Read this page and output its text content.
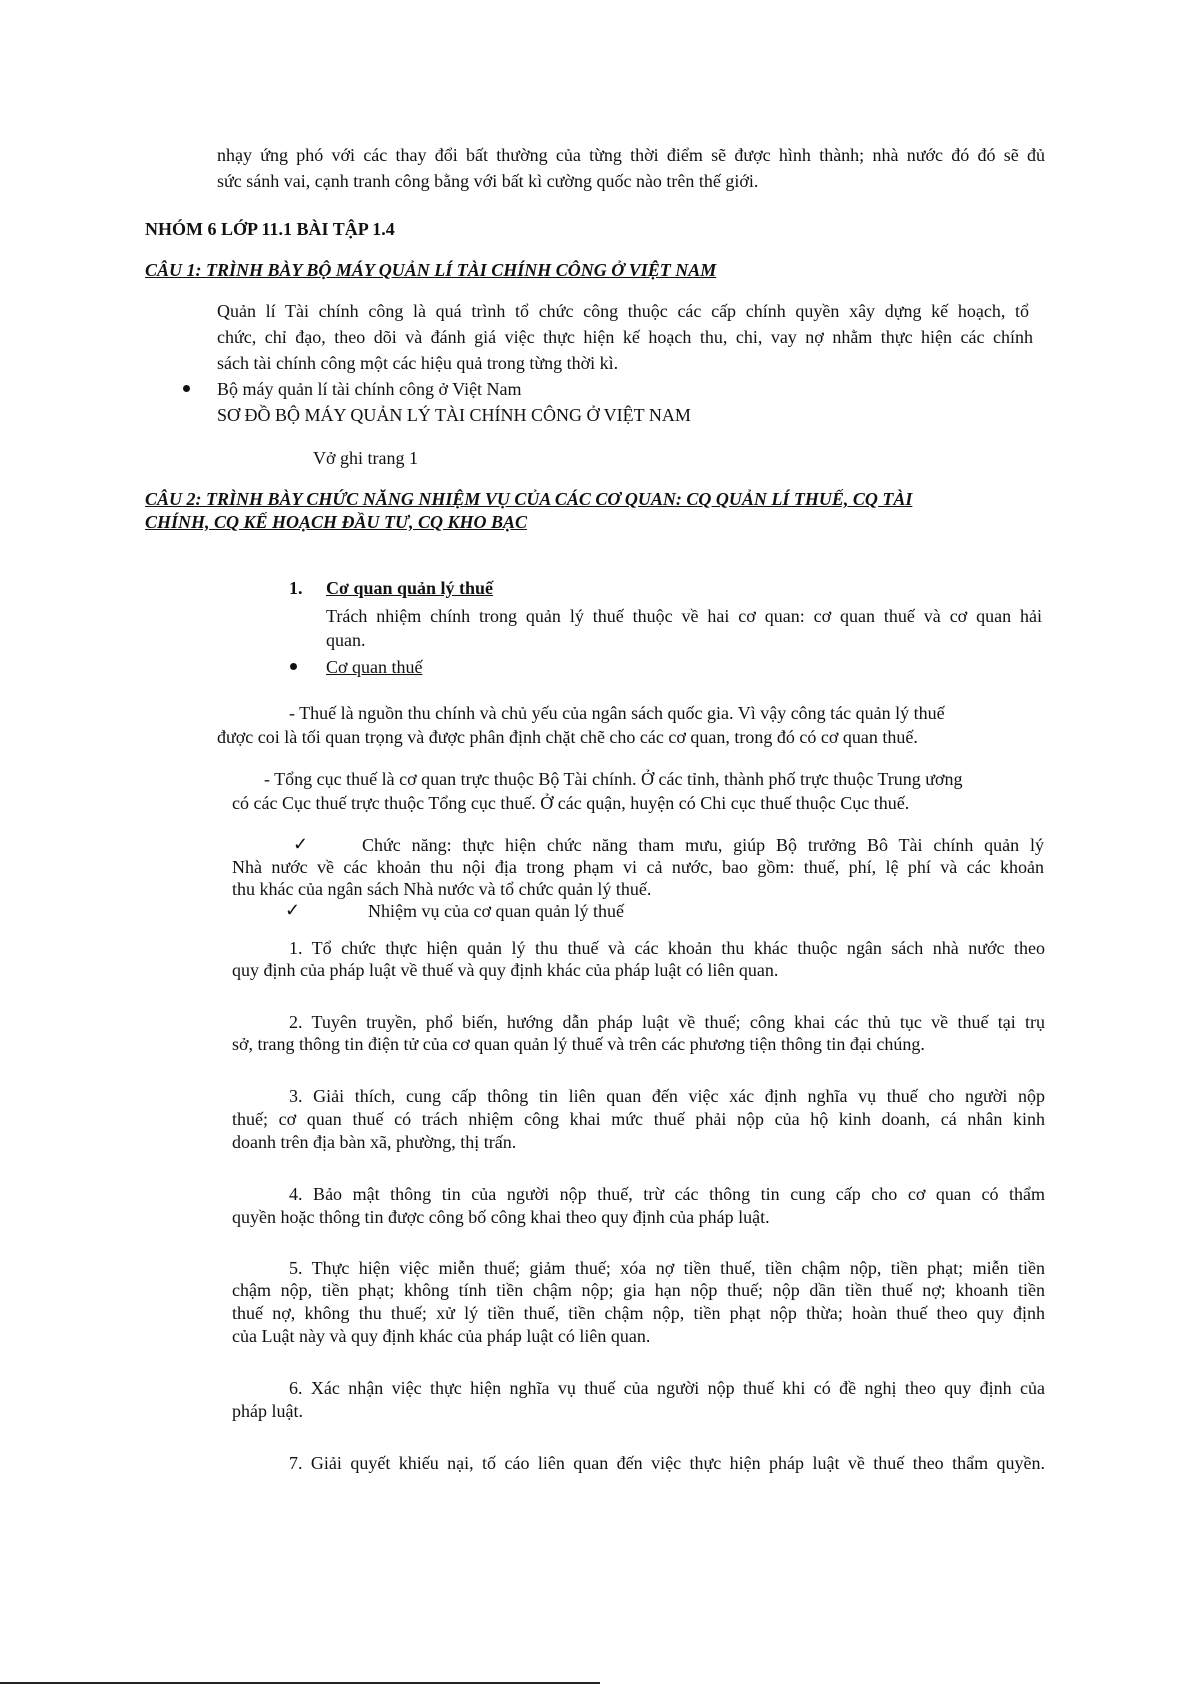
nhạy ứng phó với các thay đổi bất thường của từng thời điểm sẽ được hình thành; nhà nước đó đó sẽ đủ

sức sánh vai, cạnh tranh công bằng với bất kì cường quốc nào trên thế giới.

NHÓM 6 LỚP 11.1 BÀI TẬP 1.4

CÂU 1: TRÌNH BÀY BỘ MÁY QUẢN LÍ TÀI CHÍNH CÔNG Ở VIỆT NAM

Quản lí Tài chính công là quá trình tổ chức công thuộc các cấp chính quyền xây dựng kế hoạch, tổ

chức, chỉ đạo, theo dõi và đánh giá việc thực hiện kế hoạch thu, chi, vay nợ nhằm thực hiện các chính

sách tài chính công một các hiệu quả trong từng thời kì.

Bộ máy quản lí tài chính công ở Việt Nam

SƠ ĐỒ BỘ MÁY QUẢN LÝ TÀI CHÍNH CÔNG Ở VIỆT NAM

Vở ghi trang 1

CÂU 2: TRÌNH BÀY CHỨC NĂNG NHIỆM VỤ CỦA CÁC CƠ QUAN: CQ QUẢN LÍ THUẾ, CQ TÀI

CHÍNH, CQ KẾ HOẠCH ĐẦU TƯ, CQ KHO BẠC

1. Cơ quan quản lý thuế

Trách nhiệm chính trong quản lý thuế thuộc về hai cơ quan: cơ quan thuế và cơ quan hải

quan.

Cơ quan thuế

- Thuế là nguồn thu chính và chủ yếu của ngân sách quốc gia. Vì vậy công tác quản lý thuế

được coi là tối quan trọng và được phân định chặt chẽ cho các cơ quan, trong đó có cơ quan thuế.

- Tổng cục thuế là cơ quan trực thuộc Bộ Tài chính. Ở các tỉnh, thành phố trực thuộc Trung ương

có các Cục thuế trực thuộc Tổng cục thuế. Ở các quận, huyện có Chi cục thuế thuộc Cục thuế.

✓	Chức năng: thực hiện chức năng tham mưu, giúp Bộ trưởng Bô Tài chính quản lý

Nhà nước về các khoản thu nội địa trong phạm vi cả nước, bao gồm: thuế, phí, lệ phí và các khoản

thu khác của ngân sách Nhà nước và tổ chức quản lý thuế.

✓	Nhiệm vụ của cơ quan quản lý thuế

1. Tổ chức thực hiện quản lý thu thuế và các khoản thu khác thuộc ngân sách nhà nước theo

quy định của pháp luật về thuế và quy định khác của pháp luật có liên quan.

2. Tuyên truyền, phổ biến, hướng dẫn pháp luật về thuế; công khai các thủ tục về thuế tại trụ

sở, trang thông tin điện tử của cơ quan quản lý thuế và trên các phương tiện thông tin đại chúng.

3. Giải thích, cung cấp thông tin liên quan đến việc xác định nghĩa vụ thuế cho người nộp

thuế; cơ quan thuế có trách nhiệm công khai mức thuế phải nộp của hộ kinh doanh, cá nhân kinh

doanh trên địa bàn xã, phường, thị trấn.

4. Bảo mật thông tin của người nộp thuế, trừ các thông tin cung cấp cho cơ quan có thẩm

quyền hoặc thông tin được công bố công khai theo quy định của pháp luật.

5. Thực hiện việc miễn thuế; giảm thuế; xóa nợ tiền thuế, tiền chậm nộp, tiền phạt; miễn tiền

chậm nộp, tiền phạt; không tính tiền chậm nộp; gia hạn nộp thuế; nộp dần tiền thuế nợ; khoanh tiền

thuế nợ, không thu thuế; xử lý tiền thuế, tiền chậm nộp, tiền phạt nộp thừa; hoàn thuế theo quy định

của Luật này và quy định khác của pháp luật có liên quan.

6. Xác nhận việc thực hiện nghĩa vụ thuế của người nộp thuế khi có đề nghị theo quy định của

pháp luật.

7. Giải quyết khiếu nại, tố cáo liên quan đến việc thực hiện pháp luật về thuế theo thẩm quyền.
